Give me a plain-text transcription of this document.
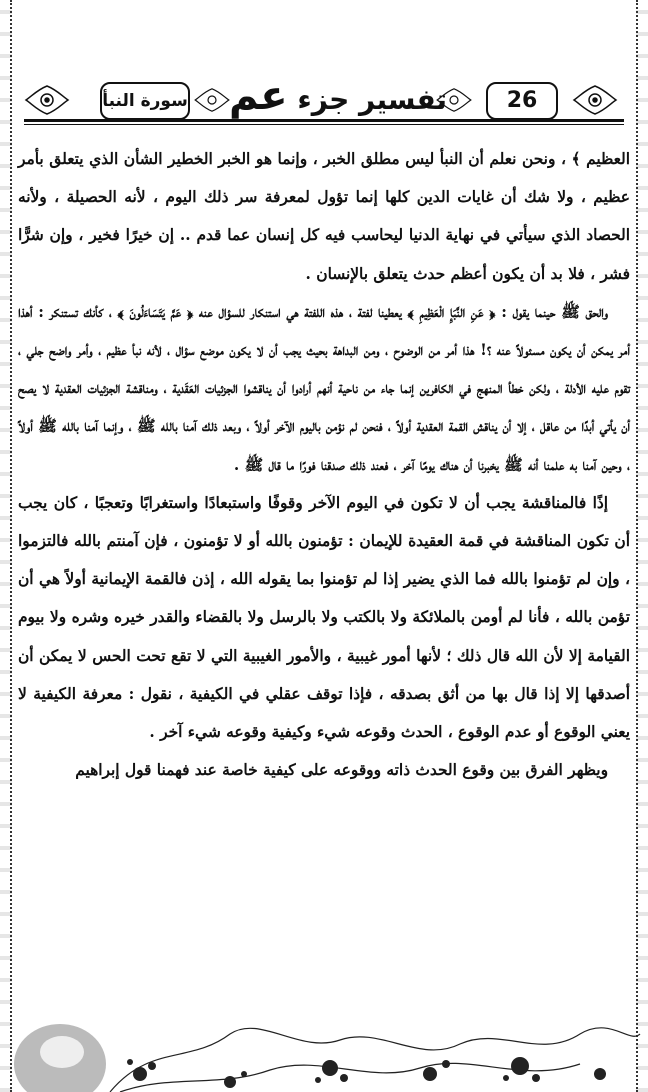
سورة النبأ	تفسير جزء عم	26

العظيم ﴾ ، ونحن نعلم أن النبأ ليس مطلق الخبر ، وإنما هو الخبر الخطير الشأن الذي يتعلق بأمر عظيم ، ولا شك أن غايات الدين كلها إنما تؤول لمعرفة سر ذلك اليوم ، لأنه الحصيلة ، ولأنه الحصاد الذي سيأتي في نهاية الدنيا ليحاسب فيه كل إنسان عما قدم .. إن خيرًا فخير ، وإن شرًّا فشر ، فلا بد أن يكون أعظم حدث يتعلق بالإنسان .

والحق ﷺ حينما يقول : ﴿ عَنِ النَّبَإِ الْعَظِيمِ ﴾ يعطينا لفتة ، هذه اللفتة هي استنكار للسؤال عنه ﴿ عَمَّ يَتَسَاءَلُونَ ﴾ ، كأنك تستنكر : أهذا أمر يمكن أن يكون مسئولاً عنه ؟! هذا أمر من الوضوح ، ومن البداهة بحيث يجب أن لا يكون موضع سؤال ، لأنه نبأ عظيم ، وأمر واضح جلي ، تقوم عليه الأدلة ، ولكن خطأ المنهج في الكافرين إنما جاء من ناحية أنهم أرادوا أن يناقشوا الجزئيات العَقَدية ، ومناقشة الجزئيات العقدية لا يصح أن يأتي أبدًا من عاقل ، إلا أن يناقش القمة العقدية أولاً ، فنحن لم نؤمن باليوم الآخر أولاً ، وبعد ذلك آمنا بالله ﷺ ، وإنما آمنا بالله ﷺ أولاً ، وحين آمنا به علمنا أنه ﷺ يخبرنا أن هناك يومًا آخر ، فعند ذلك صدقنا فورًا ما قال ﷺ .

إذًا فالمناقشة يجب أن لا تكون في اليوم الآخر وقوفًا واستبعادًا واستغرابًا وتعجبًا ، كان يجب أن تكون المناقشة في قمة العقيدة للإيمان : تؤمنون بالله أو لا تؤمنون ، فإن آمنتم بالله فالتزموا ، وإن لم تؤمنوا بالله فما الذي يضير إذا لم تؤمنوا بما يقوله الله ، إذن فالقمة الإيمانية أولاً هي أن تؤمن بالله ، فأنا لم أومن بالملائكة ولا بالكتب ولا بالرسل ولا بالقضاء والقدر خيره وشره ولا بيوم القيامة إلا لأن الله قال ذلك ؛ لأنها أمور غيبية ، والأمور الغيبية التي لا تقع تحت الحس لا يمكن أن أصدقها إلا إذا قال بها من أثق بصدقه ، فإذا توقف عقلي في الكيفية ، نقول : معرفة الكيفية لا يعني الوقوع أو عدم الوقوع ، الحدث وقوعه شيء وكيفية وقوعه شيء آخر .

ويظهر الفرق بين وقوع الحدث ذاته ووقوعه على كيفية خاصة عند فهمنا قول إبراهيم
